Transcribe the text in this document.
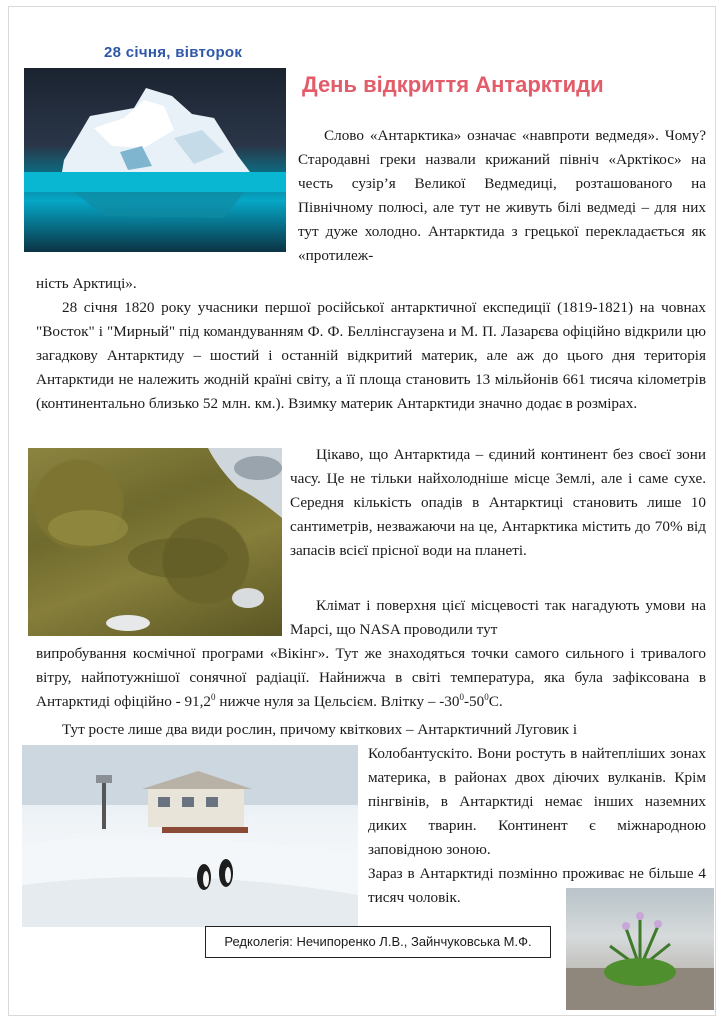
28 січня, вівторок
День відкриття Антарктиди
Слово «Антарктика» означає «навпроти ведмедя». Чому? Стародавні греки назвали крижаний північ «Арктікос» на честь сузір’я Великої Ведмедиці, розташованого на Північному полюсі, але тут не живуть білі ведмеді – для них тут дуже холодно. Антарктида з грецької перекладається як «протилеж-
ність Арктиці».
28 січня 1820 року учасники першої російської антарктичної експедиції (1819-1821) на човнах "Восток" і "Мирный" під командуванням Ф. Ф. Беллінсгаузена и М. П. Лазарєва офіційно відкрили цю загадкову Антарктиду – шостий і останній відкритий материк, але аж до цього дня територія Антарктиди не належить жодній країні світу, а її площа становить 13 мільйонів 661 тисяча кілометрів (континентально близько 52 млн. км.). Взимку материк Антарктиди значно додає в розмірах.
Цікаво, що Антарктида – єдиний континент без своєї зони часу. Це не тільки найхолодніше місце Землі, але і саме сухе. Середня кількість опадів в Антарктиці становить лише 10 сантиметрів, незважаючи на це, Антарктика містить до 70% від запасів всієї прісної води на планеті.
Клімат і поверхня цієї місцевості так нагадують умови на Марсі, що NASA проводили тут
випробування космічної програми «Вікінг». Тут же знаходяться точки самого сильного і тривалого вітру, найпотужнішої сонячної радіації. Найнижча в світі температура, яка була зафіксована в Антарктиді офіційно - 91,2$^0$ нижче нуля за Цельсієм. Влітку – $-30^0-50^0С$.
Тут росте лише два види рослин, причому квіткових – Антарктичний Луговик і
Колобантускіто. Вони ростуть в найтепліших зонах материка, в районах двох діючих вулканів. Крім пінгвінів, в Антарктиді немає інших наземних диких тварин. Континент є міжнародною заповідною зоною.
Зараз в Антарктиді позмінно проживає не більше 4 тисяч чоловік.
Редколегія: Нечипоренко Л.В., Зайнчуковська М.Ф.
